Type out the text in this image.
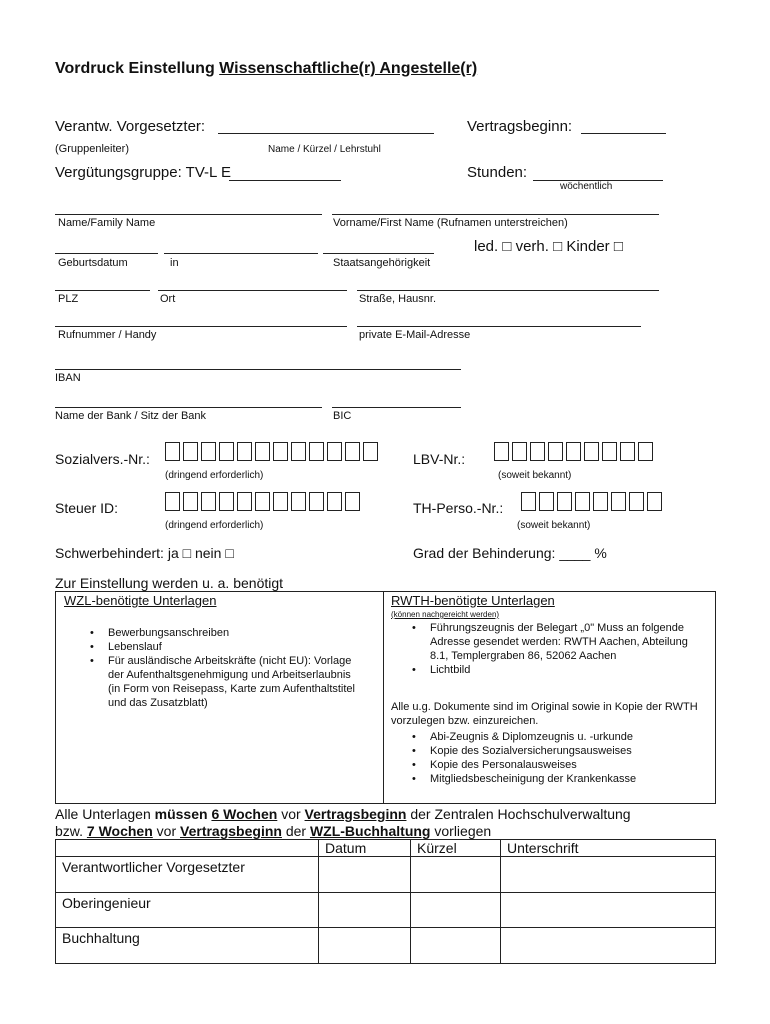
Vordruck Einstellung Wissenschaftliche(r) Angestelle(r)
Verantw. Vorgesetzter:	Vertragsbeginn:
(Gruppenleiter)	Name / Kürzel / Lehrstuhl
Vergütungsgruppe: TV-L E	Stunden:
wöchentlich
Name/Family Name	Vorname/First Name (Rufnamen unterstreichen)
led. □ verh. □ Kinder □
Geburtsdatum	in	Staatsangehörigkeit
PLZ	Ort	Straße, Hausnr.
Rufnummer / Handy	private E-Mail-Adresse
IBAN
Name der Bank / Sitz der Bank	BIC
Sozialvers.-Nr.:	LBV-Nr.:
(dringend erforderlich)	(soweit bekannt)
Steuer ID:	TH-Perso.-Nr.:
(dringend erforderlich)	(soweit bekannt)
Schwerbehindert: ja □ nein □	Grad der Behinderung: ____ %
Zur Einstellung werden u. a. benötigt
WZL-benötigte Unterlagen
• Bewerbungsanschreiben
• Lebenslauf
• Für ausländische Arbeitskräfte (nicht EU): Vorlage der Aufenthaltsgenehmigung und Arbeitserlaubnis (in Form von Reisepass, Karte zum Aufenthaltstitel und das Zusatzblatt)
RWTH-benötigte Unterlagen
(können nachgereicht werden)
• Führungszeugnis der Belegart „0" Muss an folgende Adresse gesendet werden: RWTH Aachen, Abteilung 8.1, Templergraben 86, 52062 Aachen
• Lichtbild
Alle u.g. Dokumente sind im Original sowie in Kopie der RWTH vorzulegen bzw. einzureichen.
• Abi-Zeugnis & Diplomzeugnis u. -urkunde
• Kopie des Sozialversicherungsausweises
• Kopie des Personalausweises
• Mitgliedsbescheinigung der Krankenkasse
Alle Unterlagen müssen 6 Wochen vor Vertragsbeginn der Zentralen Hochschulverwaltung
bzw. 7 Wochen vor Vertragsbeginn der WZL-Buchhaltung vorliegen
	Datum	Kürzel	Unterschrift
Verantwortlicher Vorgesetzter			
Oberingenieur			
Buchhaltung			
